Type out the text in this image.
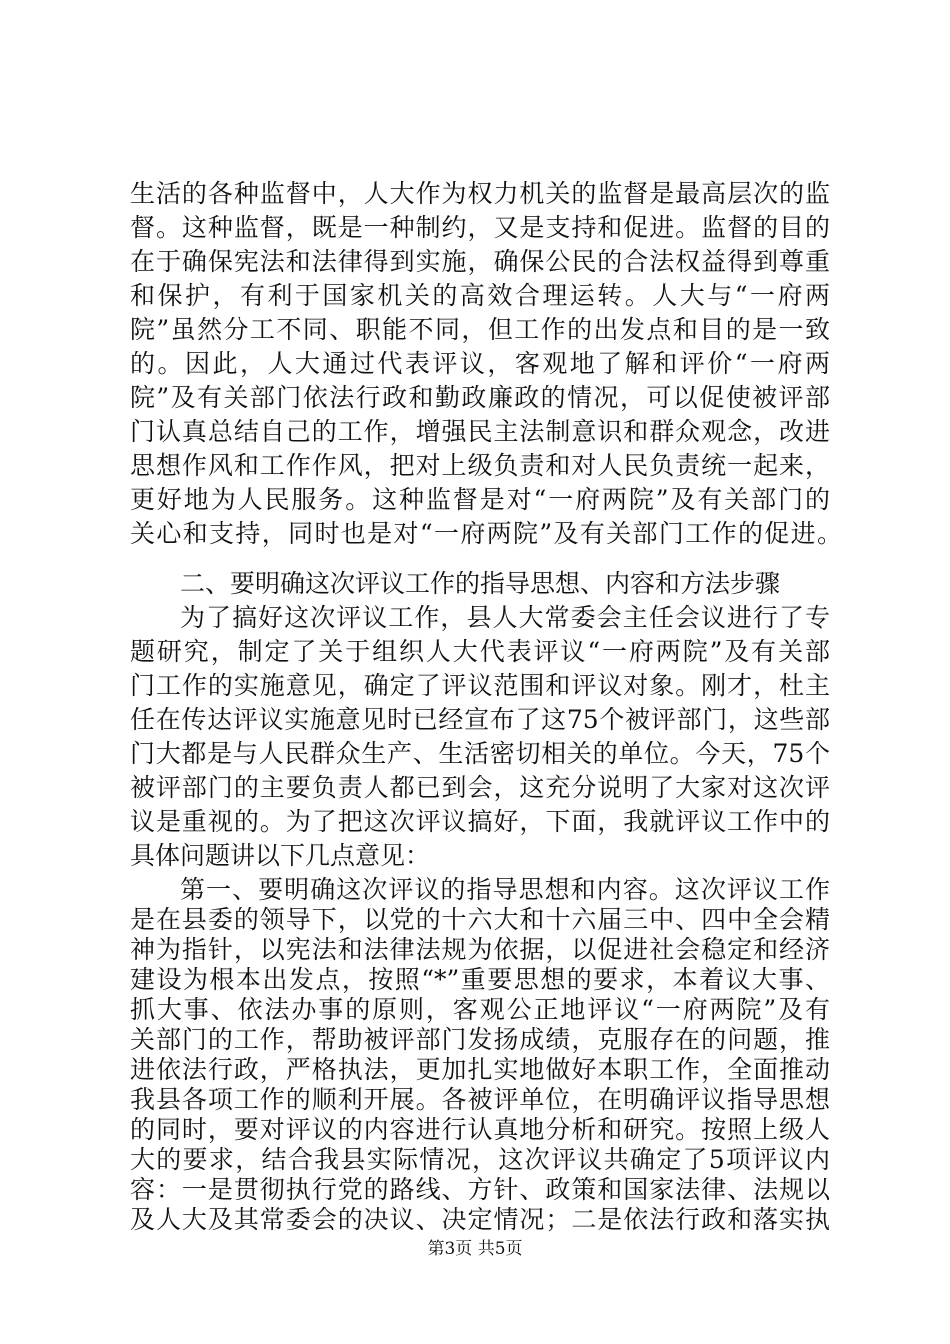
生活的各种监督中，人大作为权力机关的监督是最高层次的监
督。这种监督，既是一种制约，又是支持和促进。监督的目的
在于确保宪法和法律得到实施，确保公民的合法权益得到尊重
和保护，有利于国家机关的高效合理运转。人大与“一府两
院”虽然分工不同、职能不同，但工作的出发点和目的是一致
的。因此，人大通过代表评议，客观地了解和评价“一府两
院”及有关部门依法行政和勤政廉政的情况，可以促使被评部
门认真总结自己的工作，增强民主法制意识和群众观念，改进
思想作风和工作作风，把对上级负责和对人民负责统一起来，
更好地为人民服务。这种监督是对“一府两院”及有关部门的
关心和支持，同时也是对“一府两院”及有关部门工作的促进。
二、要明确这次评议工作的指导思想、内容和方法步骤
为了搞好这次评议工作，县人大常委会主任会议进行了专
题研究，制定了关于组织人大代表评议“一府两院”及有关部
门工作的实施意见，确定了评议范围和评议对象。刚才，杜主
任在传达评议实施意见时已经宣布了这75个被评部门，这些部
门大都是与人民群众生产、生活密切相关的单位。今天，75个
被评部门的主要负责人都已到会，这充分说明了大家对这次评
议是重视的。为了把这次评议搞好，下面，我就评议工作中的
具体问题讲以下几点意见：
第一、要明确这次评议的指导思想和内容。这次评议工作
是在县委的领导下，以党的十六大和十六届三中、四中全会精
神为指针，以宪法和法律法规为依据，以促进社会稳定和经济
建设为根本出发点，按照“*”重要思想的要求，本着议大事、
抓大事、依法办事的原则，客观公正地评议“一府两院”及有
关部门的工作，帮助被评部门发扬成绩，克服存在的问题，推
进依法行政，严格执法，更加扎实地做好本职工作，全面推动
我县各项工作的顺利开展。各被评单位，在明确评议指导思想
的同时，要对评议的内容进行认真地分析和研究。按照上级人
大的要求，结合我县实际情况，这次评议共确定了5项评议内
容：一是贯彻执行党的路线、方针、政策和国家法律、法规以
及人大及其常委会的决议、决定情况；二是依法行政和落实执
第3页 共5页
